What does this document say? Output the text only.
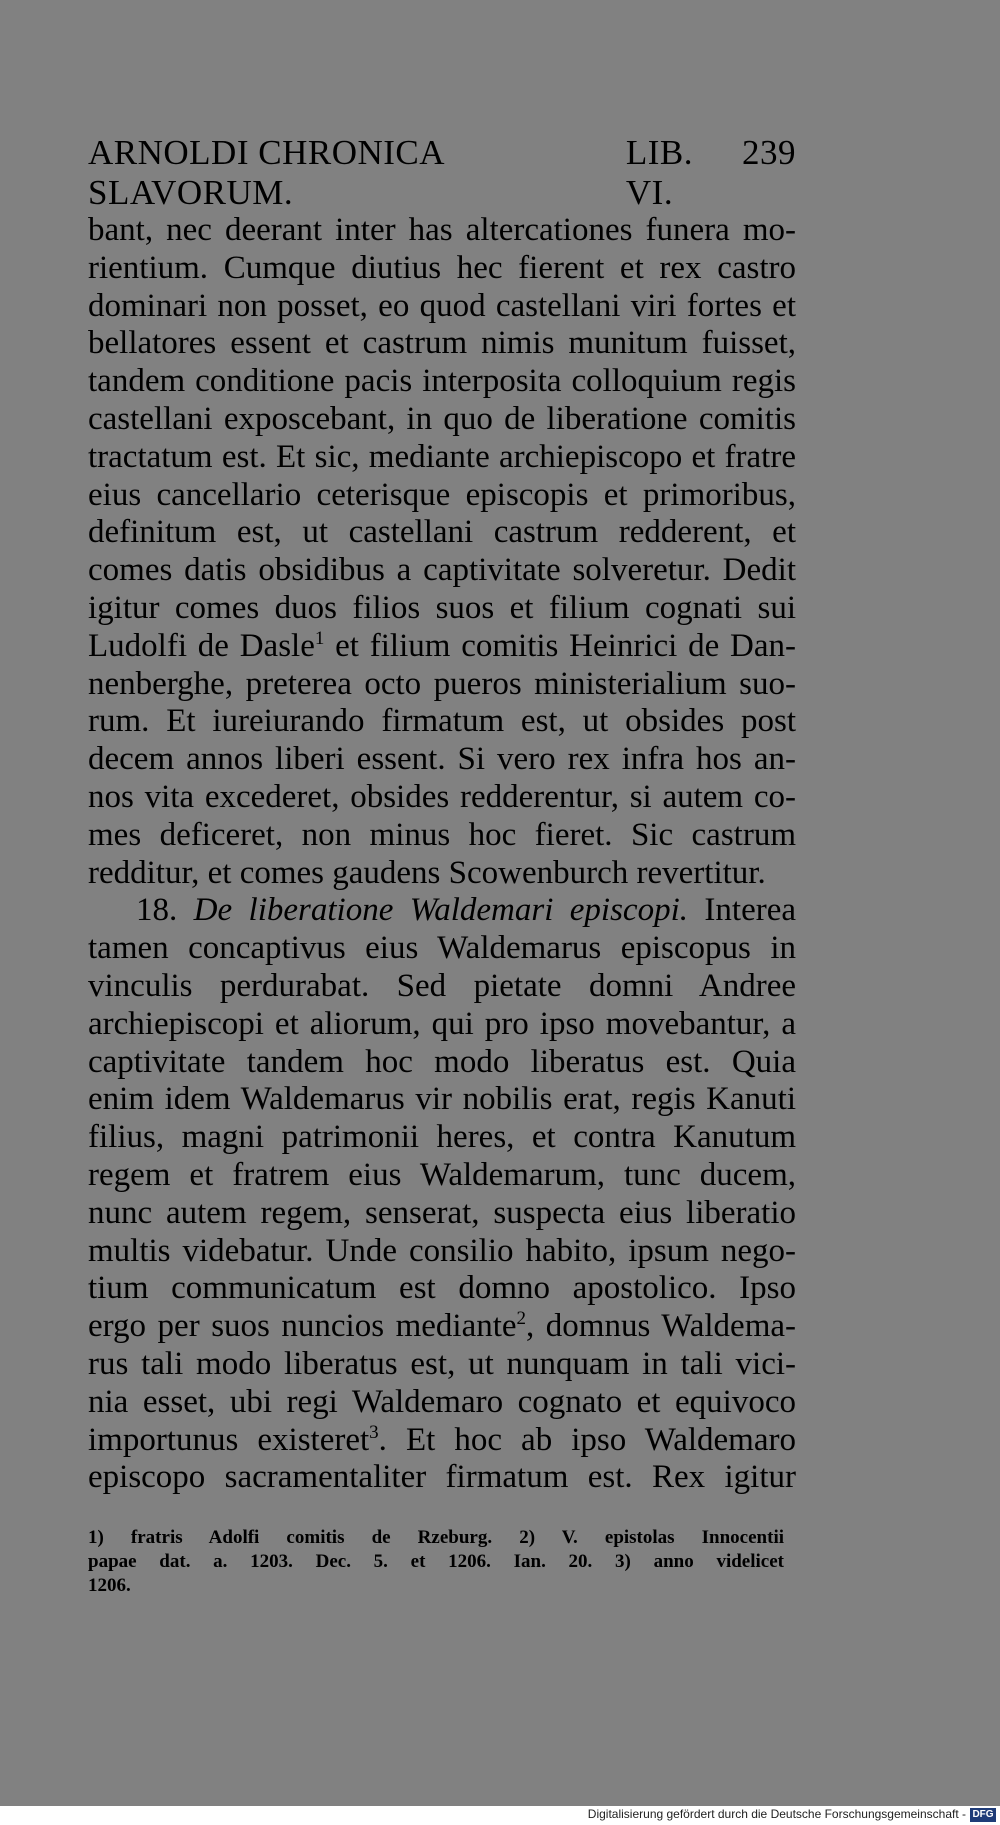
ARNOLDI CHRONICA SLAVORUM.
LIB. VI.
239
bant, nec deerant inter has altercationes funera mo-
rientium. Cumque diutius hec fierent et rex castro
dominari non posset, eo quod castellani viri fortes et
bellatores essent et castrum nimis munitum fuisset,
tandem conditione pacis interposita colloquium regis
castellani exposcebant, in quo de liberatione comitis
tractatum est. Et sic, mediante archiepiscopo et fratre
eius cancellario ceterisque episcopis et primoribus,
definitum est, ut castellani castrum redderent, et
comes datis obsidibus a captivitate solveretur. Dedit
igitur comes duos filios suos et filium cognati sui
Ludolfi de Dasle$^1$ et filium comitis Heinrici de Dan-
nenberghe, preterea octo pueros ministerialium suo-
rum. Et iureiurando firmatum est, ut obsides post
decem annos liberi essent. Si vero rex infra hos an-
nos vita excederet, obsides redderentur, si autem co-
mes deficeret, non minus hoc fieret. Sic castrum
redditur, et comes gaudens Scowenburch revertitur.
18. De liberatione Waldemari episcopi. Interea
tamen concaptivus eius Waldemarus episcopus in
vinculis perdurabat. Sed pietate domni Andree
archiepiscopi et aliorum, qui pro ipso movebantur, a
captivitate tandem hoc modo liberatus est. Quia
enim idem Waldemarus vir nobilis erat, regis Kanuti
filius, magni patrimonii heres, et contra Kanutum
regem et fratrem eius Waldemarum, tunc ducem,
nunc autem regem, senserat, suspecta eius liberatio
multis videbatur. Unde consilio habito, ipsum nego-
tium communicatum est domno apostolico. Ipso
ergo per suos nuncios mediante$^2$, domnus Waldema-
rus tali modo liberatus est, ut nunquam in tali vici-
nia esset, ubi regi Waldemaro cognato et equivoco
importunus existeret$^3$. Et hoc ab ipso Waldemaro
episcopo sacramentaliter firmatum est. Rex igitur
1) fratris Adolfi comitis de Rzeburg. 2) V. epistolas Innocentii
papae dat. a. 1203. Dec. 5. et 1206. Ian. 20. 3) anno videlicet
1206.
Digitalisierung gefördert durch die Deutsche Forschungsgemeinschaft - DFG
